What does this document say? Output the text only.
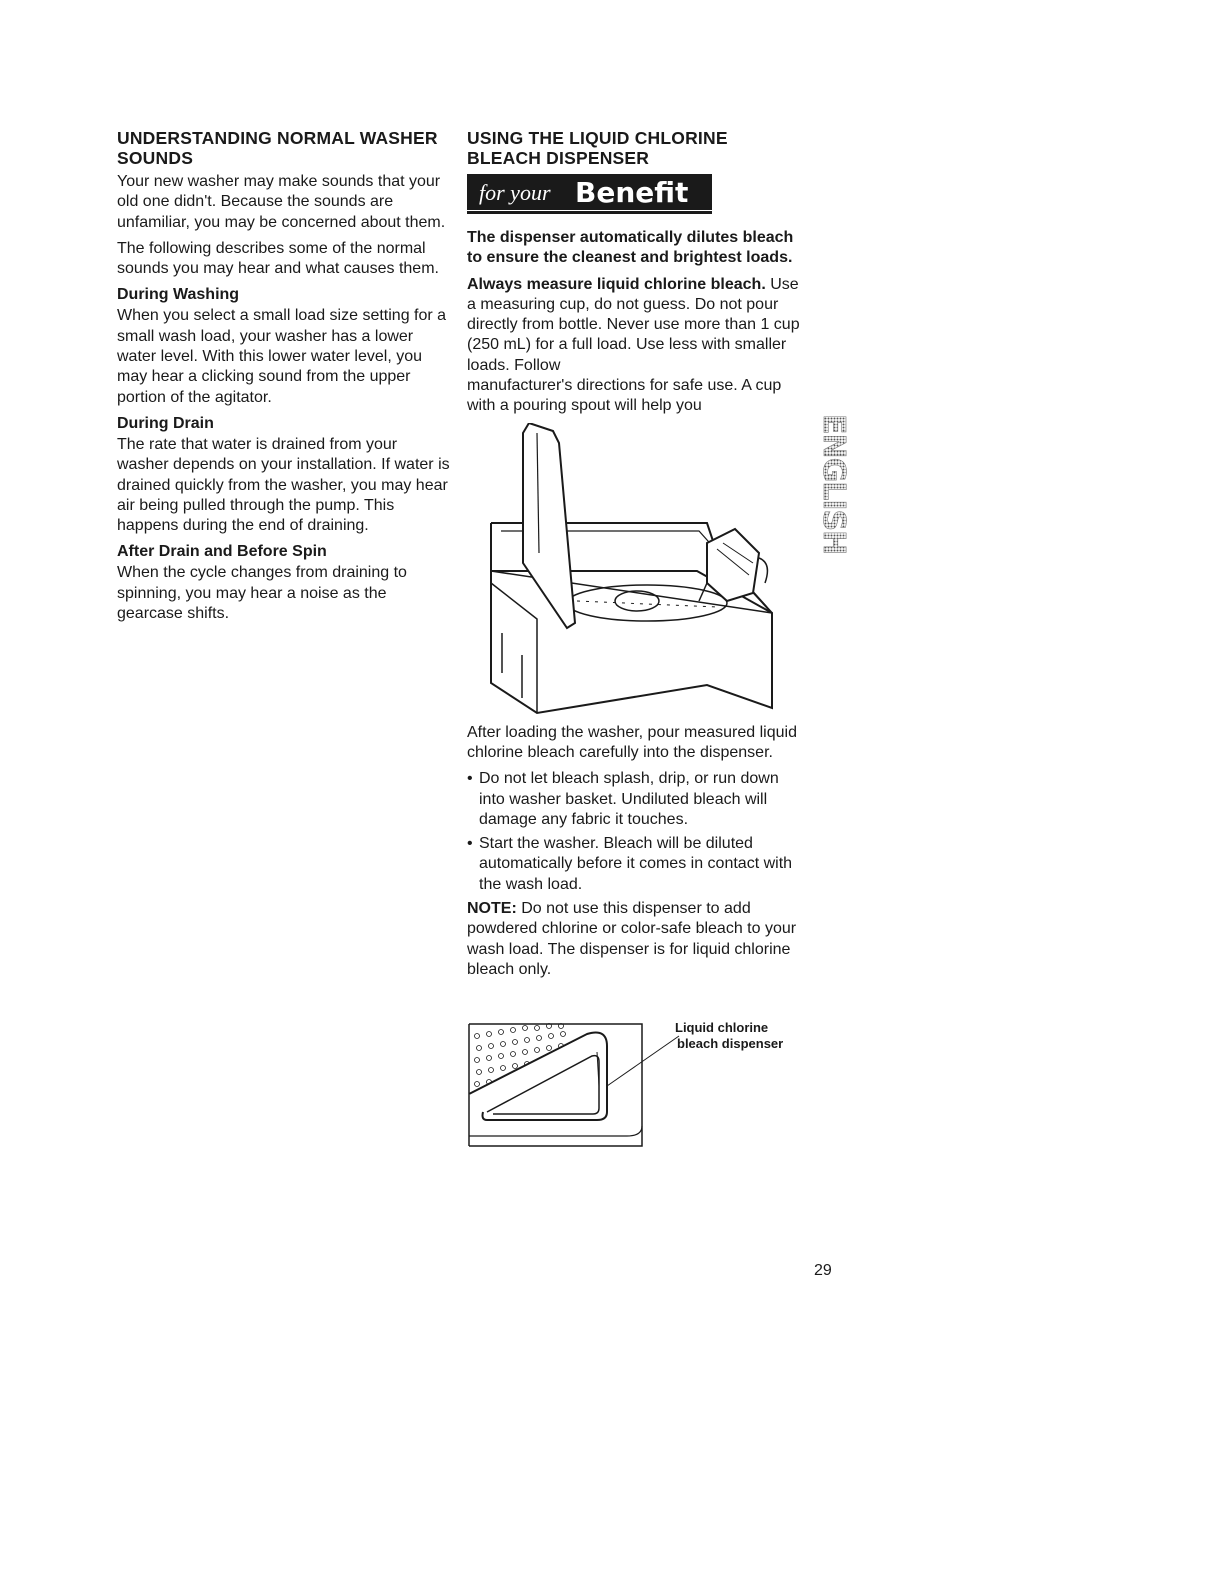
UNDERSTANDING NORMAL WASHER SOUNDS

Your new washer may make sounds that your old one didn't. Because the sounds are unfamiliar, you may be concerned about them.

The following describes some of the normal sounds you may hear and what causes them.

During Washing

When you select a small load size setting for a small wash load, your washer has a lower water level. With this lower water level, you may hear a clicking sound from the upper portion of the agitator.

During Drain

The rate that water is drained from your washer depends on your installation. If water is drained quickly from the washer, you may hear air being pulled through the pump. This happens during the end of draining.

After Drain and Before Spin

When the cycle changes from draining to spinning, you may hear a noise as the gearcase shifts.

USING THE LIQUID CHLORINE BLEACH DISPENSER
for your Benefit

The dispenser automatically dilutes bleach to ensure the cleanest and brightest loads.

Always measure liquid chlorine bleach. Use a measuring cup, do not guess. Do not pour directly from bottle. Never use more than 1 cup (250 mL) for a full load. Use less with smaller loads. Follow

manufacturer's directions for safe use. A cup with a pouring spout will help you

After loading the washer, pour measured liquid chlorine bleach carefully into the dispenser.

• Do not let bleach splash, drip, or run down into washer basket. Undiluted bleach will damage any fabric it touches.
• Start the washer. Bleach will be diluted automatically before it comes in contact with the wash load.

NOTE: Do not use this dispenser to add powdered chlorine or color-safe bleach to your wash load. The dispenser is for liquid chlorine bleach only.

Liquid chlorine
bleach dispenser
ENGLISH
29
